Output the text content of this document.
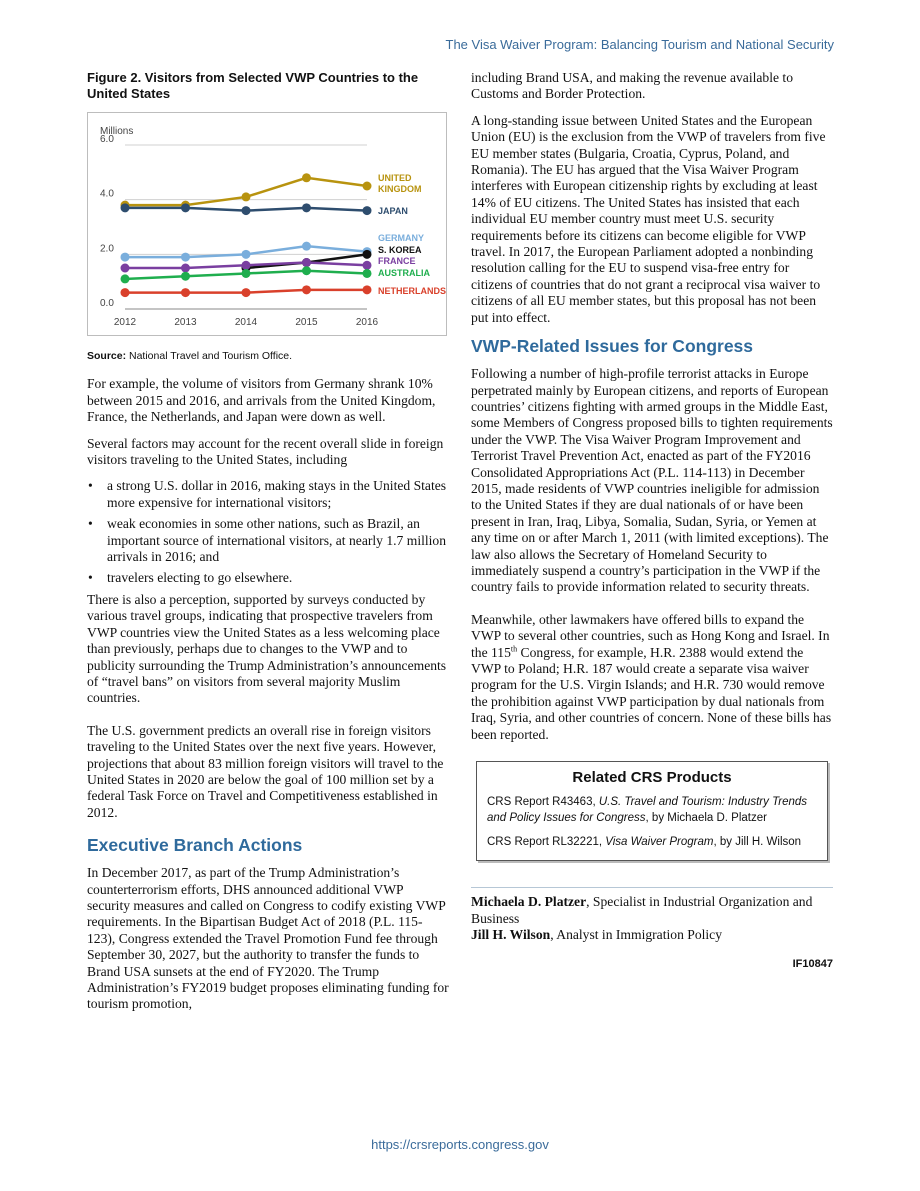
The Visa Waiver Program: Balancing Tourism and National Security
Figure 2. Visitors from Selected VWP Countries to the United States
0.0
2.0
4.0
6.0
Millions
2012	2013	2014	2015	2016
UNITED
KINGDOM
JAPAN
GERMANY
S. KOREA
FRANCE
AUSTRALIA
NETHERLANDS
Source: National Travel and Tourism Office.

For example, the volume of visitors from Germany shrank 10% between 2015 and 2016, and arrivals from the United Kingdom, France, the Netherlands, and Japan were down as well.

Several factors may account for the recent overall slide in foreign visitors traveling to the United States, including

• a strong U.S. dollar in 2016, making stays in the United States more expensive for international visitors;
• weak economies in some other nations, such as Brazil, an important source of international visitors, at nearly 1.7 million arrivals in 2016; and
• travelers electing to go elsewhere.

There is also a perception, supported by surveys conducted by various travel groups, indicating that prospective travelers from VWP countries view the United States as a less welcoming place than previously, perhaps due to changes to the VWP and to publicity surrounding the Trump Administration’s announcements of “travel bans” on visitors from several majority Muslim countries.

The U.S. government predicts an overall rise in foreign visitors traveling to the United States over the next five years. However, projections that about 83 million foreign visitors will travel to the United States in 2020 are below the goal of 100 million set by a federal Task Force on Travel and Competitiveness established in 2012.

Executive Branch Actions

In December 2017, as part of the Trump Administration’s counterterrorism efforts, DHS announced additional VWP security measures and called on Congress to codify existing VWP requirements. In the Bipartisan Budget Act of 2018 (P.L. 115-123), Congress extended the Travel Promotion Fund fee through September 30, 2027, but the authority to transfer the funds to Brand USA sunsets at the end of FY2020. The Trump Administration’s FY2019 budget proposes eliminating funding for tourism promotion,

including Brand USA, and making the revenue available to Customs and Border Protection.

A long-standing issue between United States and the European Union (EU) is the exclusion from the VWP of travelers from five EU member states (Bulgaria, Croatia, Cyprus, Poland, and Romania). The EU has argued that the Visa Waiver Program interferes with European citizenship rights by excluding at least 14% of EU citizens. The United States has insisted that each individual EU member country must meet U.S. security requirements before its citizens can become eligible for VWP travel. In 2017, the European Parliament adopted a nonbinding resolution calling for the EU to suspend visa-free entry for citizens of countries that do not grant a reciprocal visa waiver to citizens of all EU member states, but this proposal has not been put into effect.

VWP-Related Issues for Congress

Following a number of high-profile terrorist attacks in Europe perpetrated mainly by European citizens, and reports of European countries’ citizens fighting with armed groups in the Middle East, some Members of Congress proposed bills to tighten requirements under the VWP. The Visa Waiver Program Improvement and Terrorist Travel Prevention Act, enacted as part of the FY2016 Consolidated Appropriations Act (P.L. 114-113) in December 2015, made residents of VWP countries ineligible for admission to the United States if they are dual nationals of or have been present in Iran, Iraq, Libya, Somalia, Sudan, Syria, or Yemen at any time on or after March 1, 2011 (with limited exceptions). The law also allows the Secretary of Homeland Security to immediately suspend a country’s participation in the VWP if the country fails to provide information related to security threats.

Meanwhile, other lawmakers have offered bills to expand the VWP to several other countries, such as Hong Kong and Israel. In the 115th Congress, for example, H.R. 2388 would extend the VWP to Poland; H.R. 187 would create a separate visa waiver program for the U.S. Virgin Islands; and H.R. 730 would remove the prohibition against VWP participation by dual nationals from Iraq, Syria, and other countries of concern. None of these bills has been reported.

Related CRS Products
CRS Report R43463, U.S. Travel and Tourism: Industry Trends and Policy Issues for Congress, by Michaela D. Platzer
CRS Report RL32221, Visa Waiver Program, by Jill H. Wilson

Michaela D. Platzer, Specialist in Industrial Organization and Business

Jill H. Wilson, Analyst in Immigration Policy

IF10847
https://crsreports.congress.gov
